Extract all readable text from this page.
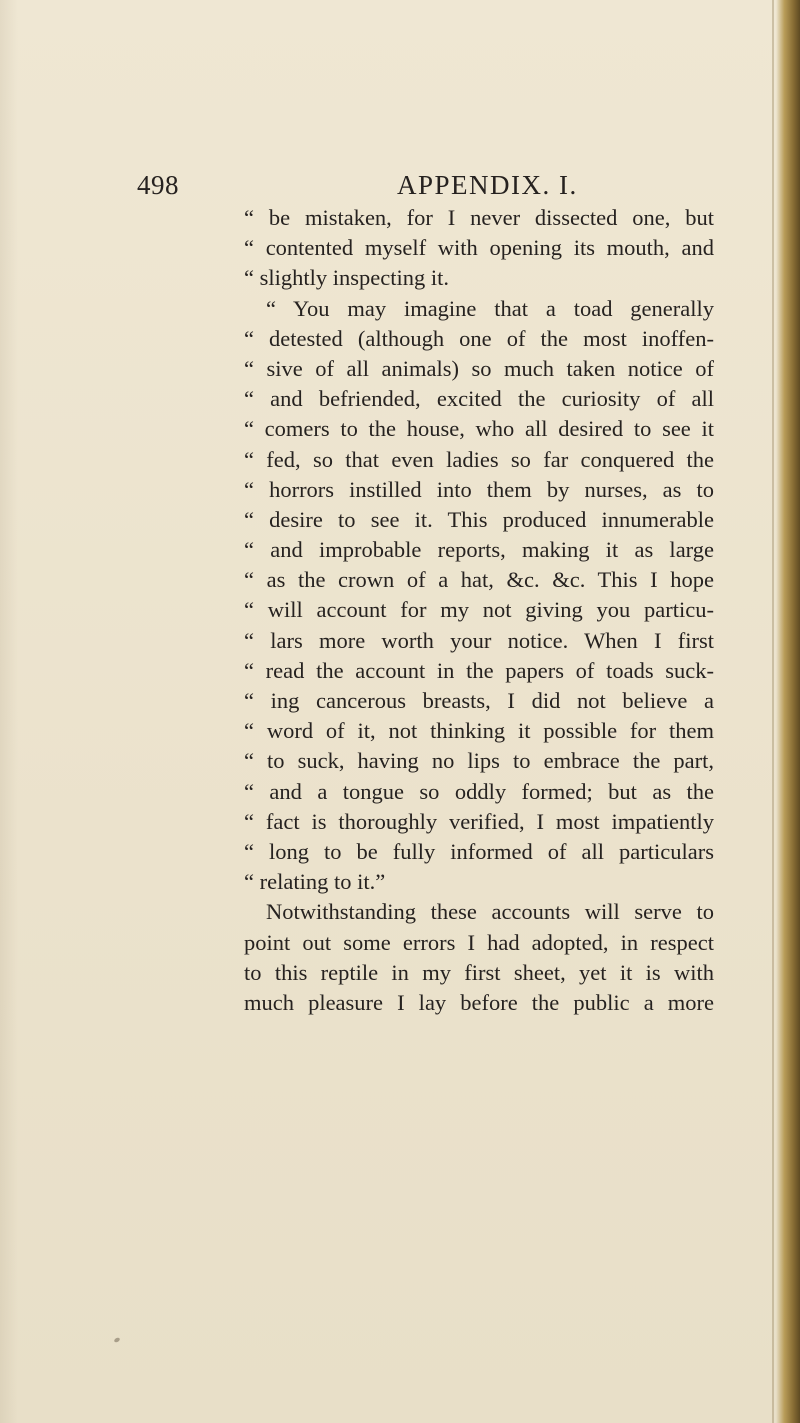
498	APPENDIX. I.
“ be mistaken, for I never dissected one, but
“ contented myself with opening its mouth, and
“ slightly inspecting it.
“ You may imagine that a toad generally
“ detested (although one of the most inoffen-
“ sive of all animals) so much taken notice of
“ and befriended, excited the curiosity of all
“ comers to the house, who all desired to see it
“ fed, so that even ladies so far conquered the
“ horrors instilled into them by nurses, as to
“ desire to see it. This produced innumerable
“ and improbable reports, making it as large
“ as the crown of a hat, &c. &c. This I hope
“ will account for my not giving you particu-
“ lars more worth your notice. When I first
“ read the account in the papers of toads suck-
“ ing cancerous breasts, I did not believe a
“ word of it, not thinking it possible for them
“ to suck, having no lips to embrace the part,
“ and a tongue so oddly formed; but as the
“ fact is thoroughly verified, I most impatiently
“ long to be fully informed of all particulars
“ relating to it.”
Notwithstanding these accounts will serve to
point out some errors I had adopted, in respect
to this reptile in my first sheet, yet it is with
much pleasure I lay before the public a more
